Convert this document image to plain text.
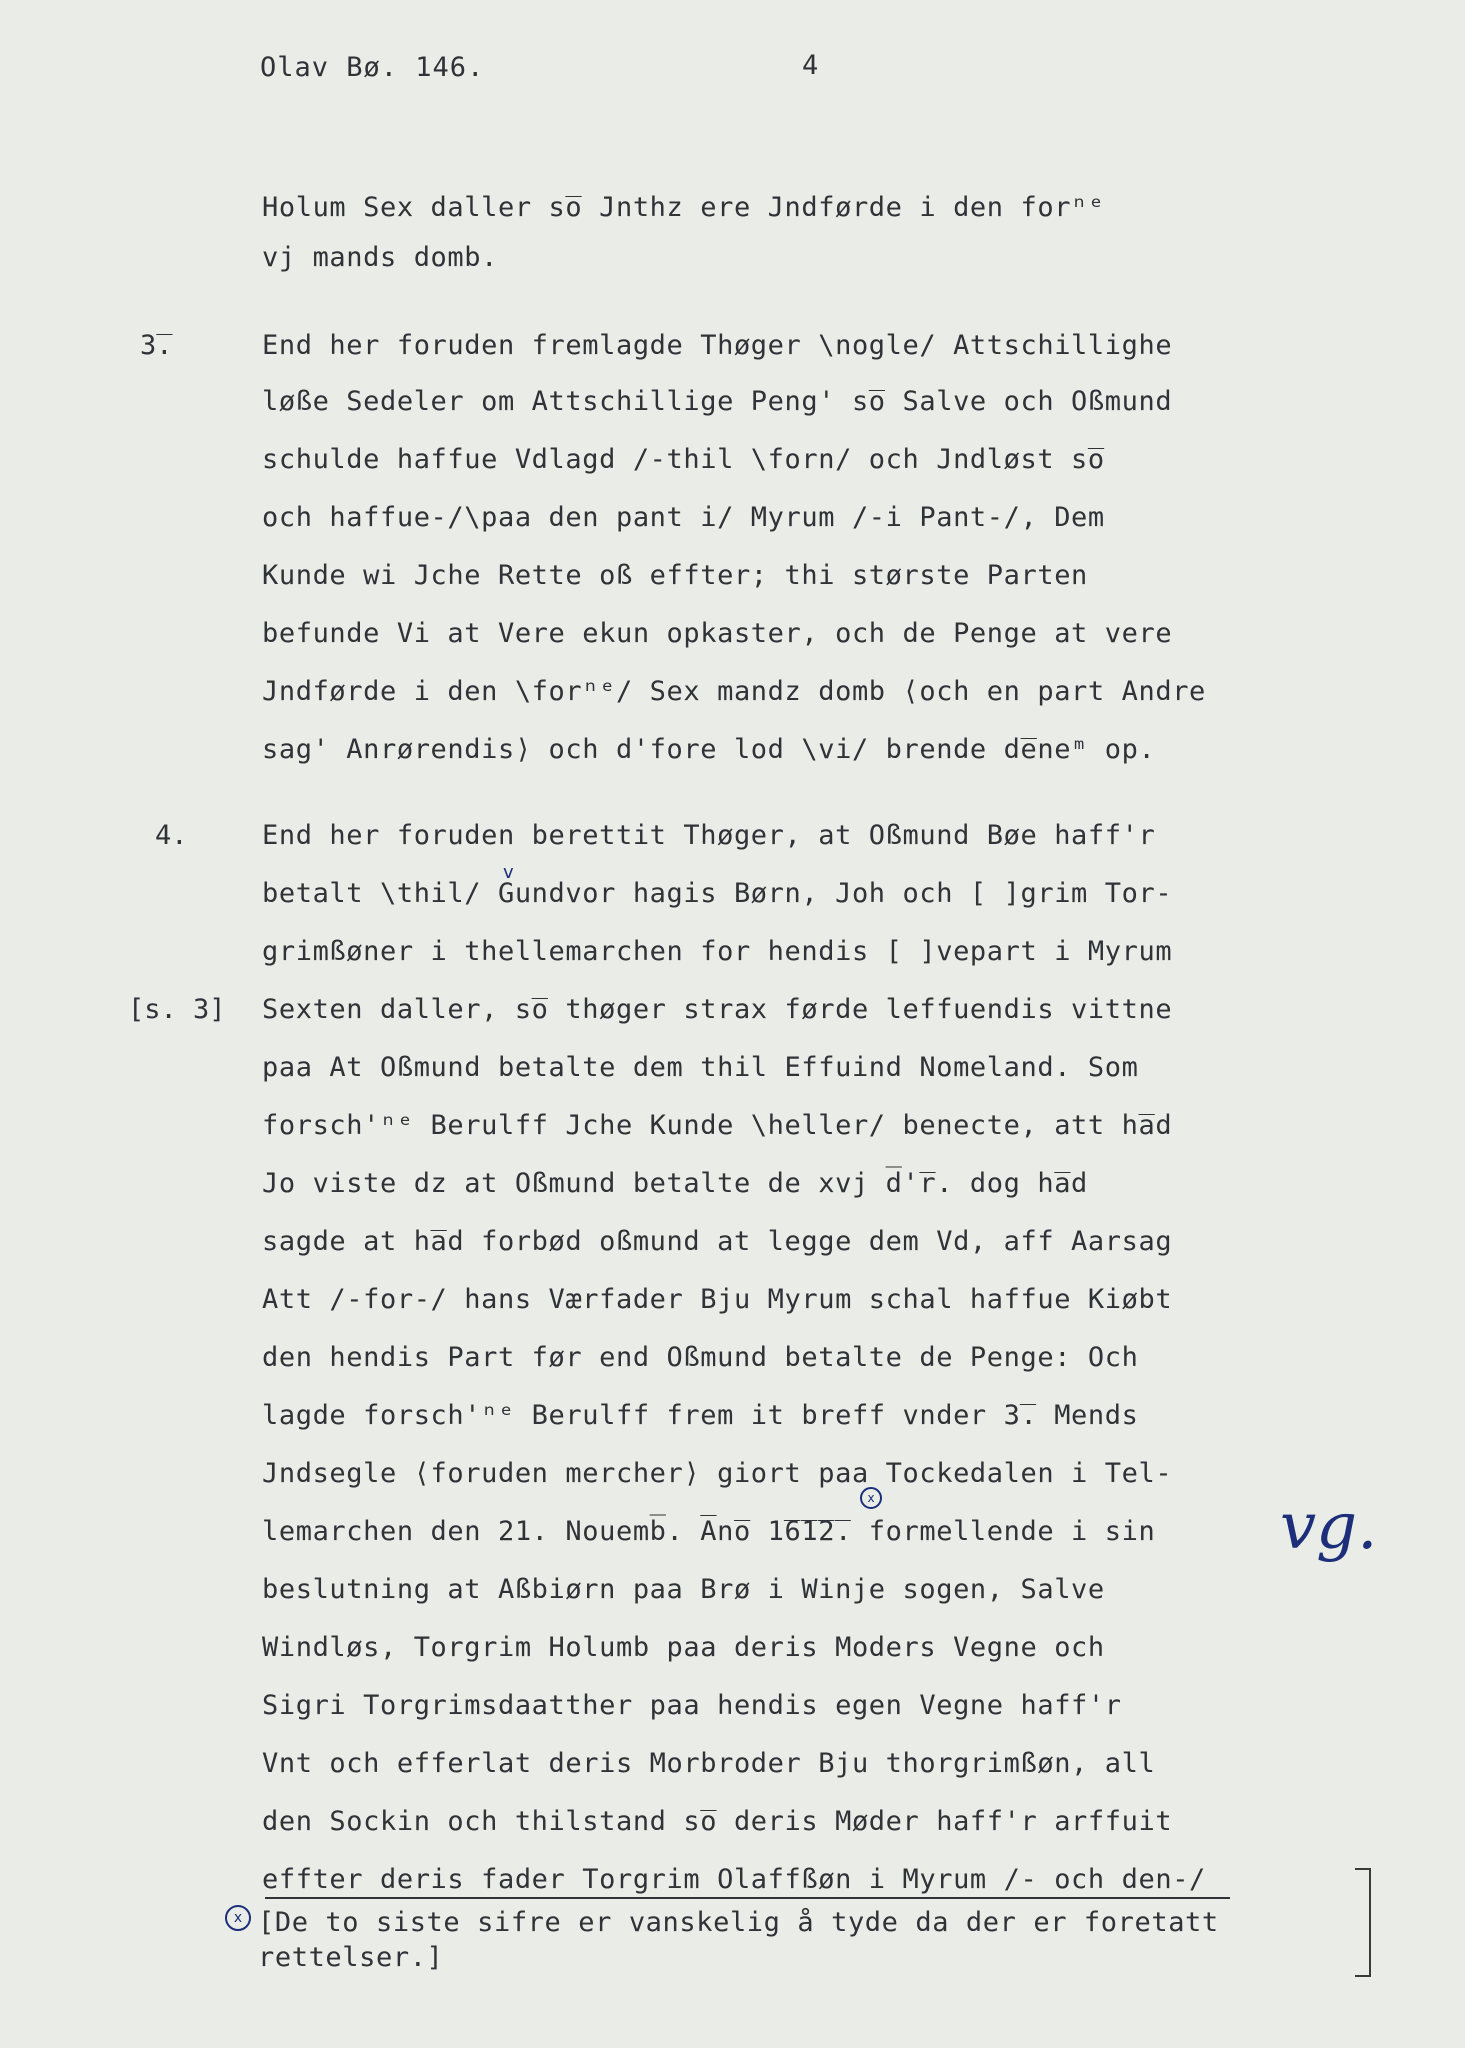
Olav Bø. 146.	4
Holum Sex daller so̅ Jnthz ere Jndførde i den forⁿᵉ
vj mands domb.
3̅.	End her foruden fremlagde Thøger \nogle/ Attschillighe
løße Sedeler om Attschillige Peng' so̅ Salve och Oßmund
schulde haffue Vdlagd /-thil \forn/ och Jndløst so̅
och haffue-/\paa den pant i/ Myrum /-i Pant-/, Dem
Kunde wi Jche Rette oß effter; thi største Parten
befunde Vi at Vere ekun opkaster, och de Penge at vere
Jndførde i den \forⁿᵉ/ Sex mandz domb ⟨och en part Andre
sag' Anrørendis⟩ och d'fore lod \vi/ brende de̅neᵐ op.
4.	End her foruden berettit Thøger, at Oßmund Bøe haff'r
v
betalt \thil/ Gundvor hagis Børn, Joh och [ ]grim Tor-
grimßøner i thellemarchen for hendis [ ]vepart i Myrum
[s. 3] Sexten daller, so̅ thøger strax førde leffuendis vittne
paa At Oßmund betalte dem thil Effuind Nomeland. Som
forsch'ⁿᵉ Berulff Jche Kunde \heller/ benecte, att ha̅d
Jo viste dz at Oßmund betalte de xvj d̅'r̅. dog ha̅d
sagde at ha̅d forbød oßmund at legge dem Vd, aff Aarsag
Att /-for-/ hans Værfader Bju Myrum schal haffue Kiøbt
den hendis Part før end Oßmund betalte de Penge: Och
lagde forsch'ⁿᵉ Berulff frem it breff vnder 3̅. Mends
Jndsegle ⟨foruden mercher⟩ giort paa Tockedalen i Tel-
x
lemarchen den 21. Nouemb̅. A̅no̅ 1̅6̅1̅2̅. formellende i sin
beslutning at Aßbiørn paa Brø i Winje sogen, Salve
Windløs, Torgrim Holumb paa deris Moders Vegne och
Sigri Torgrimsdaatther paa hendis egen Vegne haff'r
Vnt och efferlat deris Morbroder Bju thorgrimßøn, all
den Sockin och thilstand so̅ deris Møder haff'r arffuit
effter deris fader Torgrim Olaffßøn i Myrum /- och den-/
x [De to siste sifre er vanskelig å tyde da der er foretatt
rettelser.]
vg.
